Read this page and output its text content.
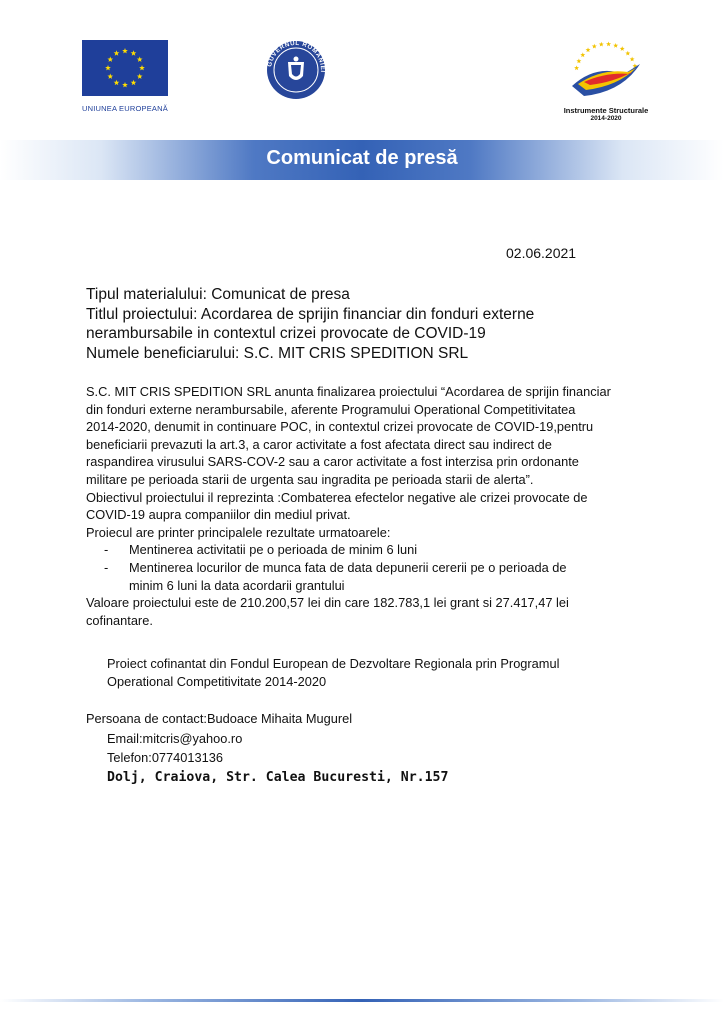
UNIUNEA EUROPEANĂ
GUVERNUL ROMÂNIEI
Instrumente Structurale
2014-2020
Comunicat de presă
02.06.2021
Tipul materialului: Comunicat de presa
Titlul proiectului: Acordarea de sprijin financiar din fonduri externe
nerambursabile in contextul crizei provocate de COVID-19
Numele beneficiarului: S.C. MIT CRIS SPEDITION SRL

S.C. MIT CRIS SPEDITION SRL anunta finalizarea proiectului “Acordarea de sprijin financiar

din fonduri externe nerambursabile, aferente Programului Operational Competitivitatea

2014-2020, denumit in continuare POC, in contextul crizei provocate de COVID-19,pentru

beneficiarii prevazuti la art.3, a caror activitate a fost afectata direct sau indirect de

raspandirea virusului SARS-COV-2 sau a caror activitate a fost interzisa prin ordonante

militare pe perioada starii de urgenta sau ingradita pe perioada starii de alerta”.

Obiectivul proiectului il reprezinta :Combaterea efectelor negative ale crizei provocate de

COVID-19 aupra companiilor din mediul privat.

Proiecul are printer principalele rezultate urmatoarele:

- Mentinerea activitatii pe o perioada de minim 6 luni
- Mentinerea locurilor de munca fata de data depunerii cererii pe o perioada de
minim 6 luni la data acordarii grantului

Valoare proiectului este de 210.200,57 lei din care 182.783,1 lei grant si 27.417,47 lei

cofinantare.

Proiect cofinantat din Fondul European de Dezvoltare Regionala prin Programul
Operational Competitivitate 2014-2020
Persoana de contact:Budoace Mihaita Mugurel
Email:mitcris@yahoo.ro
Telefon:0774013136
Dolj, Craiova, Str. Calea Bucuresti, Nr.157
